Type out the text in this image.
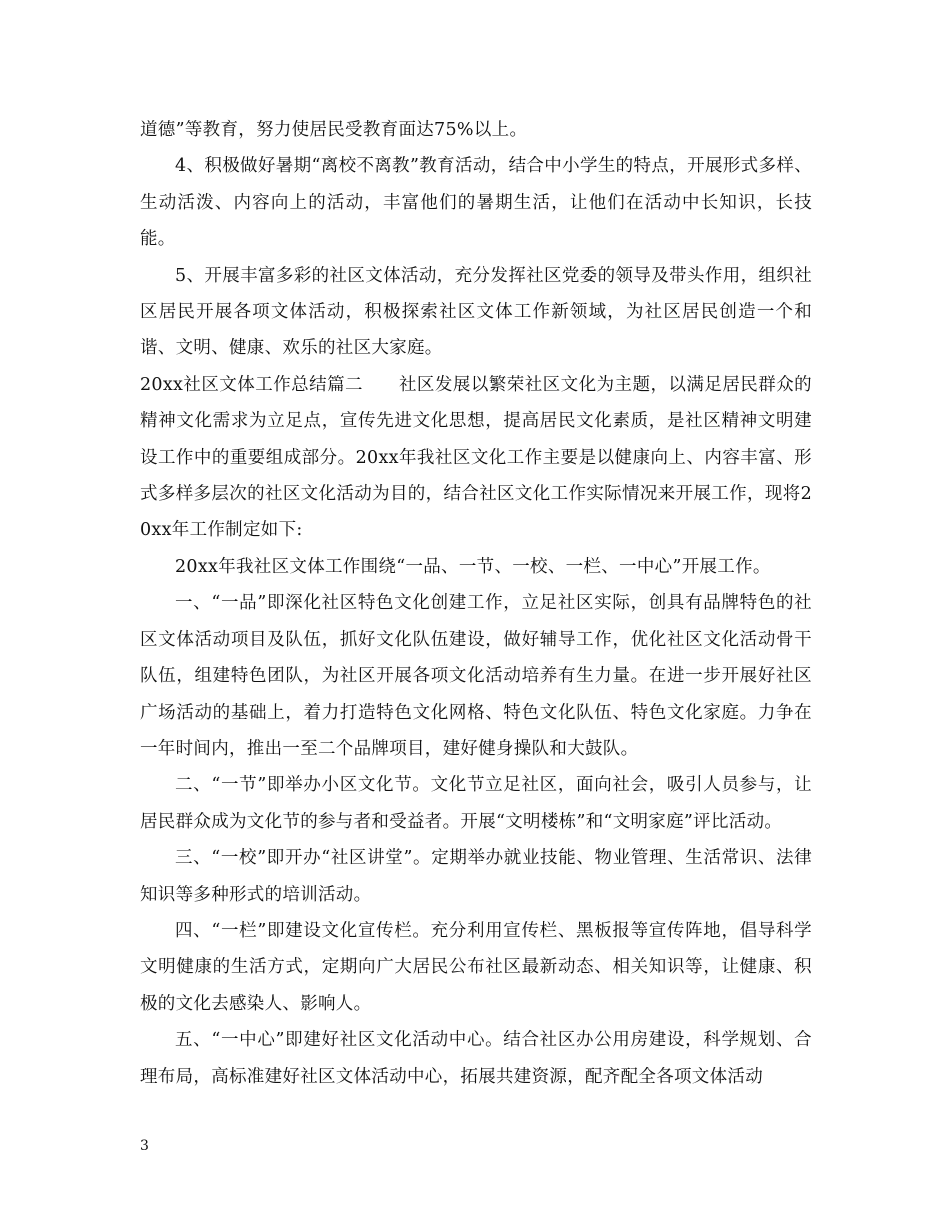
道德”等教育，努力使居民受教育面达75%以上。

4、积极做好暑期“离校不离教”教育活动，结合中小学生的特点，开展形式多样、生动活泼、内容向上的活动，丰富他们的暑期生活，让他们在活动中长知识，长技能。

5、开展丰富多彩的社区文体活动，充分发挥社区党委的领导及带头作用，组织社区居民开展各项文体活动，积极探索社区文体工作新领域，为社区居民创造一个和谐、文明、健康、欢乐的社区大家庭。

20xx社区文体工作总结篇二　　社区发展以繁荣社区文化为主题，以满足居民群众的精神文化需求为立足点，宣传先进文化思想，提高居民文化素质，是社区精神文明建设工作中的重要组成部分。20xx年我社区文化工作主要是以健康向上、内容丰富、形式多样多层次的社区文化活动为目的，结合社区文化工作实际情况来开展工作，现将20xx年工作制定如下:

20xx年我社区文体工作围绕“一品、一节、一校、一栏、一中心”开展工作。

一、“一品”即深化社区特色文化创建工作，立足社区实际，创具有品牌特色的社区文体活动项目及队伍，抓好文化队伍建设，做好辅导工作，优化社区文化活动骨干队伍，组建特色团队，为社区开展各项文化活动培养有生力量。在进一步开展好社区广场活动的基础上，着力打造特色文化网格、特色文化队伍、特色文化家庭。力争在一年时间内，推出一至二个品牌项目，建好健身操队和大鼓队。

二、“一节”即举办小区文化节。文化节立足社区，面向社会，吸引人员参与，让居民群众成为文化节的参与者和受益者。开展“文明楼栋”和“文明家庭”评比活动。

三、“一校”即开办“社区讲堂”。定期举办就业技能、物业管理、生活常识、法律知识等多种形式的培训活动。

四、“一栏”即建设文化宣传栏。充分利用宣传栏、黑板报等宣传阵地，倡导科学文明健康的生活方式，定期向广大居民公布社区最新动态、相关知识等，让健康、积极的文化去感染人、影响人。

五、“一中心”即建好社区文化活动中心。结合社区办公用房建设，科学规划、合理布局，高标准建好社区文体活动中心，拓展共建资源，配齐配全各项文体活动

3
